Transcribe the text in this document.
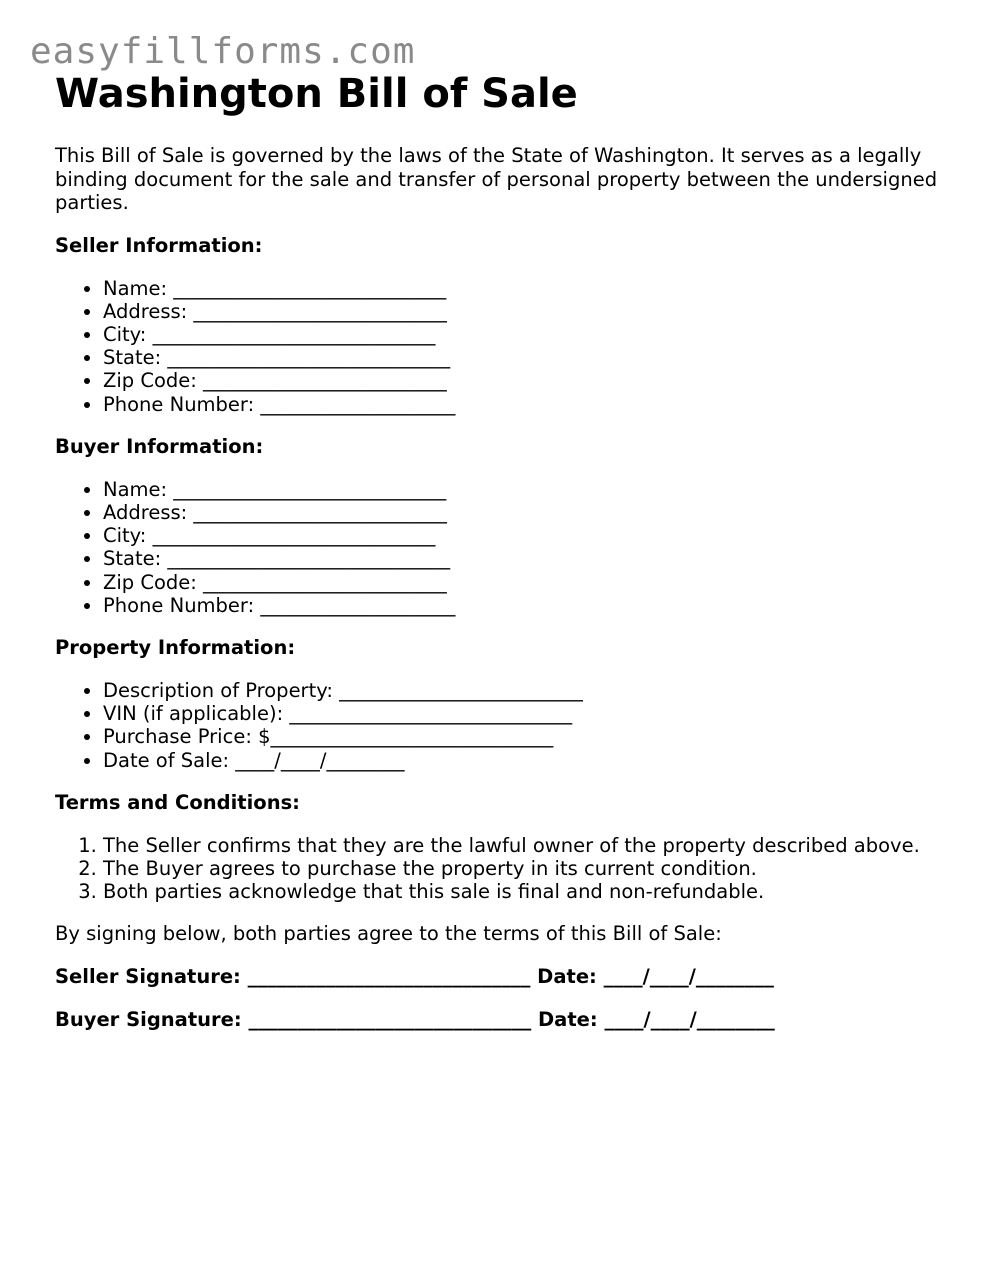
easyfillforms.com
Washington Bill of Sale

This Bill of Sale is governed by the laws of the State of Washington. It serves as a legally binding document for the sale and transfer of personal property between the undersigned parties.

Seller Information:
• Name: ____________________________
• Address: __________________________
• City: _____________________________
• State: _____________________________
• Zip Code: _________________________
• Phone Number: ____________________
Buyer Information:
• Name: ____________________________
• Address: __________________________
• City: _____________________________
• State: _____________________________
• Zip Code: _________________________
• Phone Number: ____________________
Property Information:
• Description of Property: _________________________
• VIN (if applicable): _____________________________
• Purchase Price: $_____________________________
• Date of Sale: ____/____/________
Terms and Conditions:
1. The Seller confirms that they are the lawful owner of the property described above.
2. The Buyer agrees to purchase the property in its current condition.
3. Both parties acknowledge that this sale is final and non-refundable.

By signing below, both parties agree to the terms of this Bill of Sale:

Seller Signature: _____________________________ Date: ____/____/________

Buyer Signature: _____________________________ Date: ____/____/________
